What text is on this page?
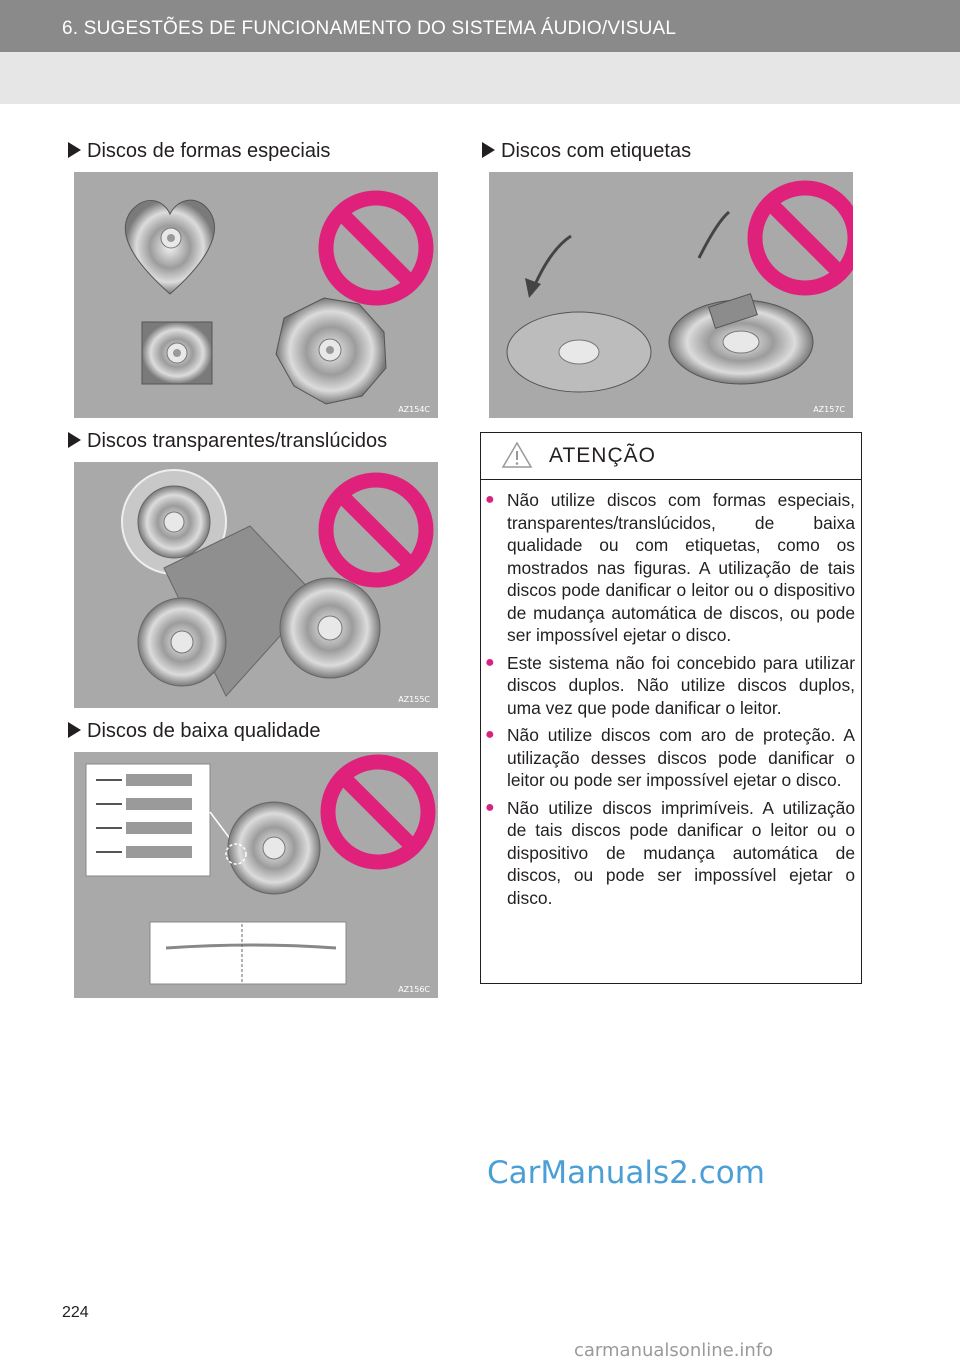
6. SUGESTÕES DE FUNCIONAMENTO DO SISTEMA ÁUDIO/VISUAL
Discos de formas especiais
AZ154C
Discos transparentes/translúcidos
AZ155C
Discos de baixa qualidade
AZ156C
Discos com etiquetas
AZ157C
ATENÇÃO
● Não utilize discos com formas especiais, transparentes/translúcidos, de baixa qualidade ou com etiquetas, como os mostrados nas figuras. A utilização de tais discos pode danificar o leitor ou o dispositivo de mudança automática de discos, ou pode ser impossível ejetar o disco.
● Este sistema não foi concebido para utilizar discos duplos. Não utilize discos duplos, uma vez que pode danificar o leitor.
● Não utilize discos com aro de proteção. A utilização desses discos pode danificar o leitor ou pode ser impossível ejetar o disco.
● Não utilize discos imprimíveis. A utilização de tais discos pode danificar o leitor ou o dispositivo de mudança automática de discos, ou pode ser impossível ejetar o disco.
CarManuals2.com
224
carmanualsonline.info
